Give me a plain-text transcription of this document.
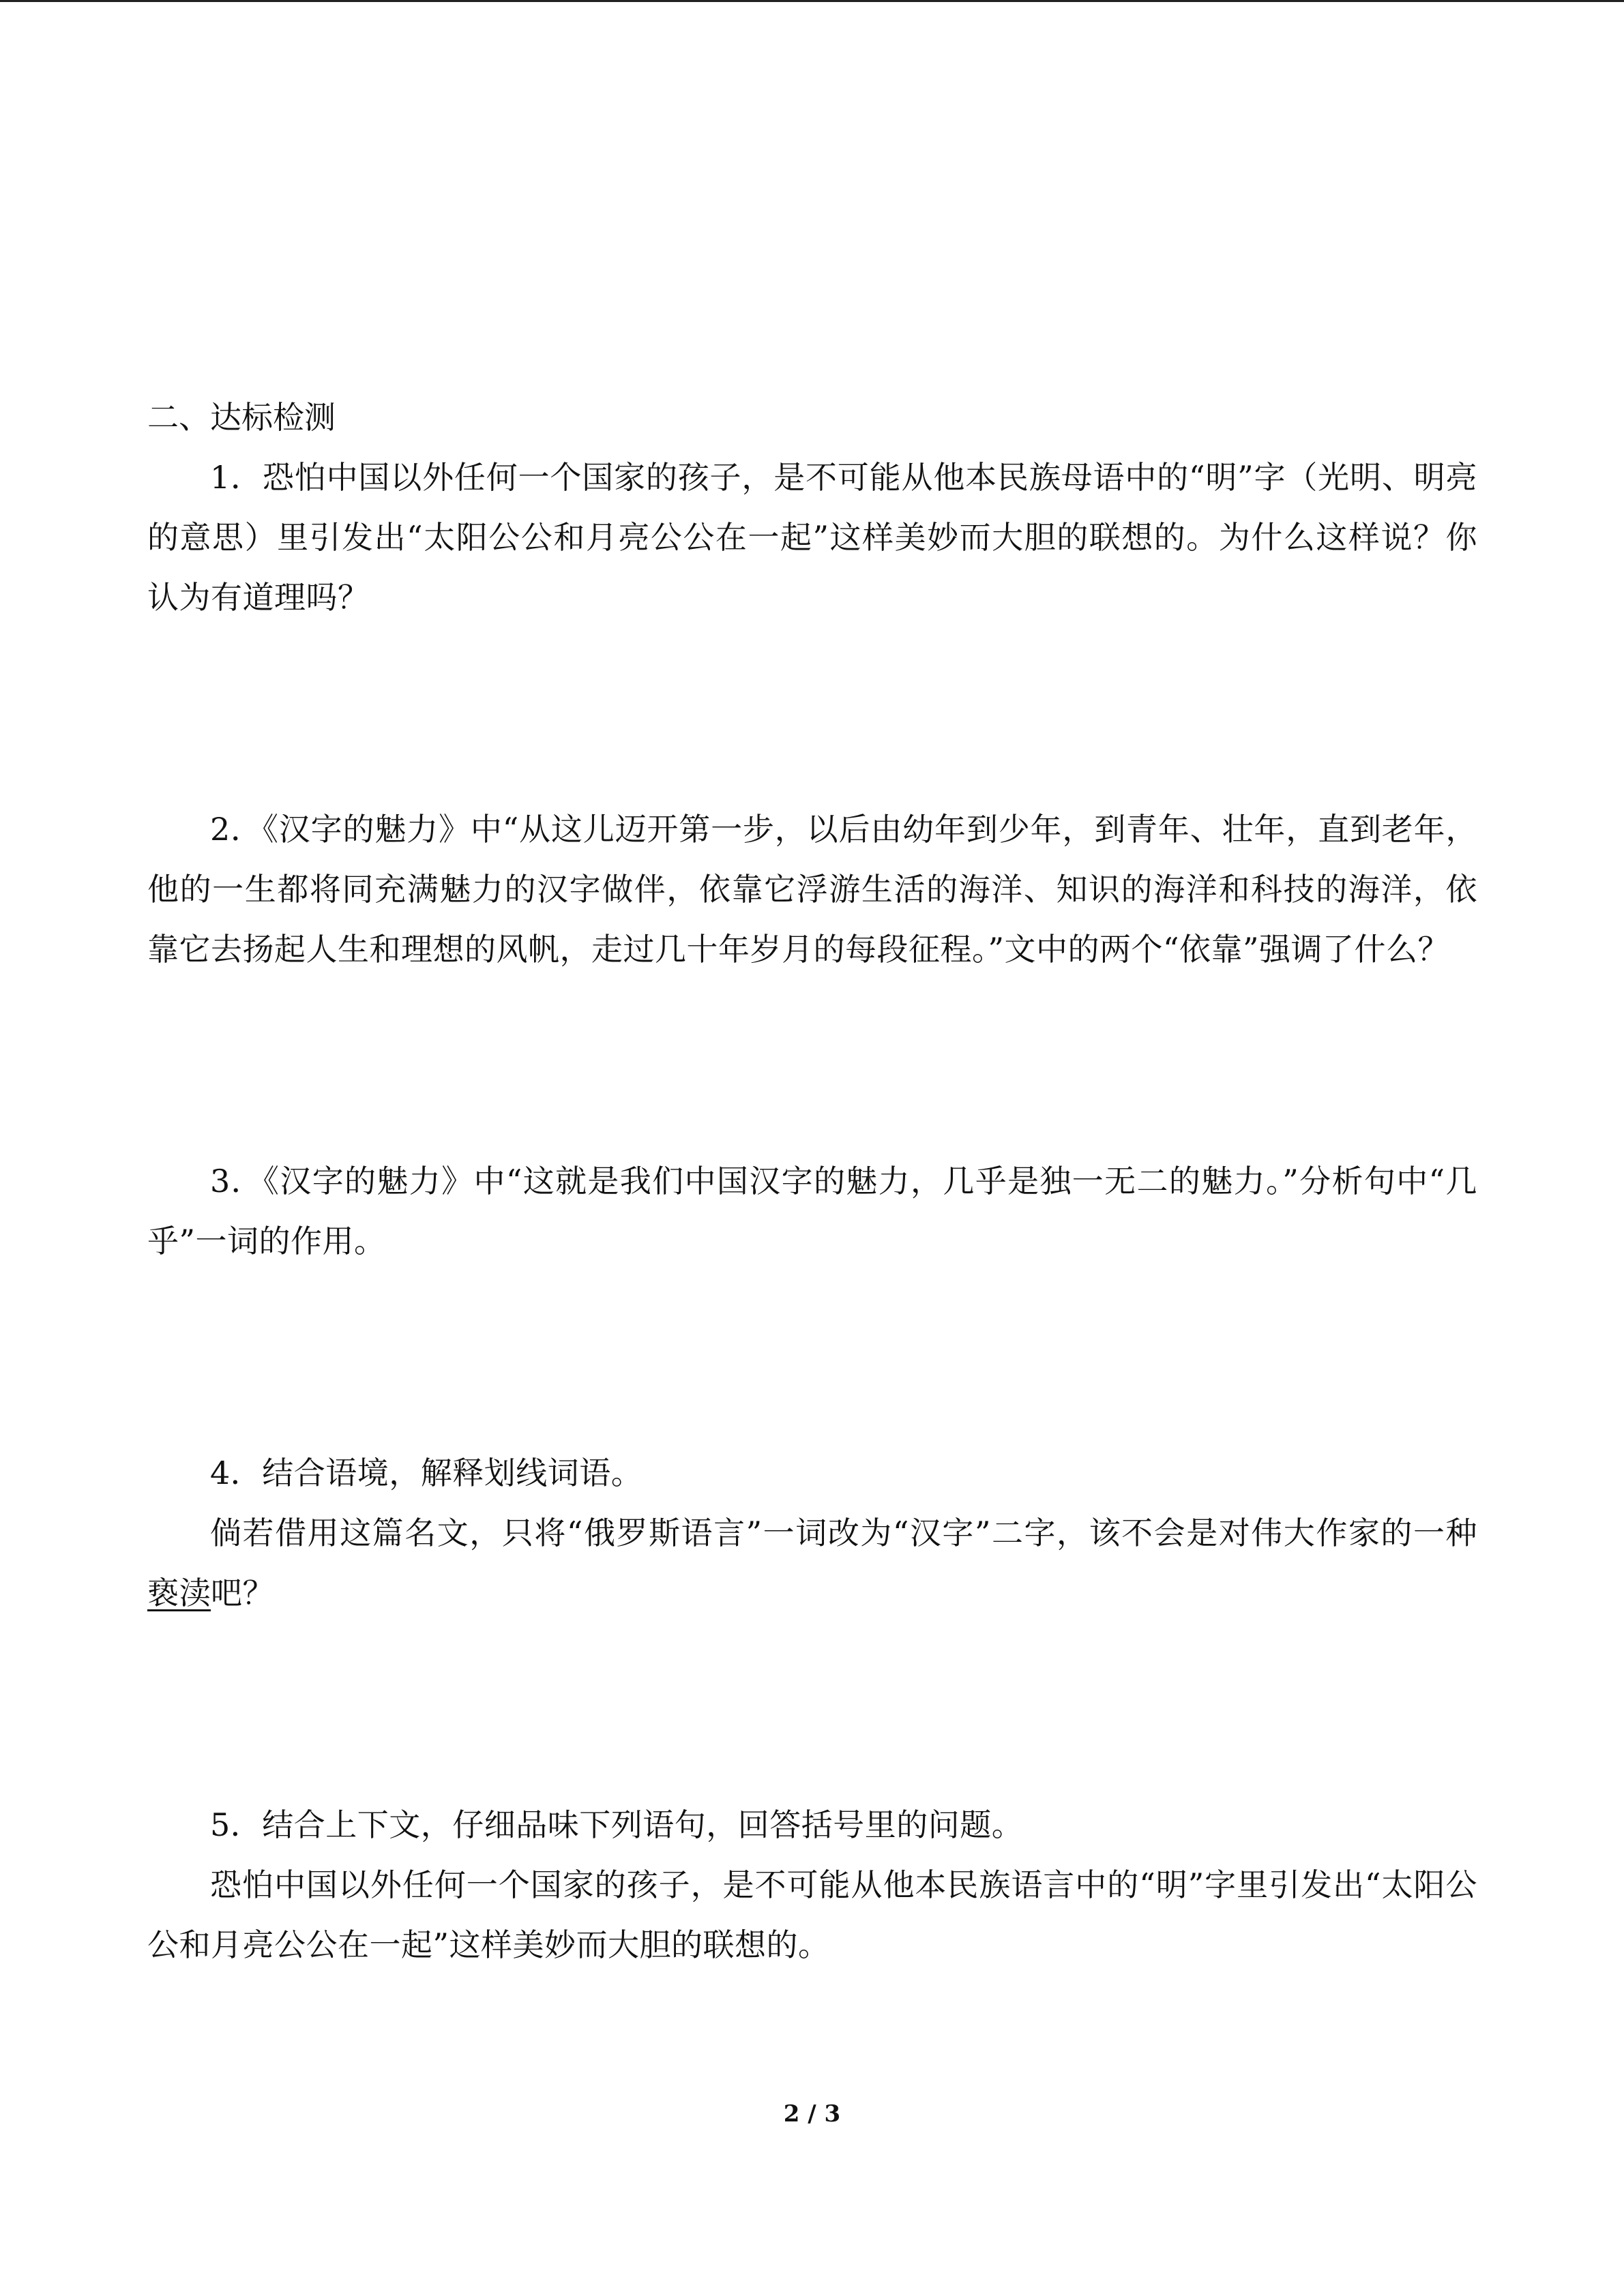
二、达标检测

1．恐怕中国以外任何一个国家的孩子，是不可能从他本民族母语中的“明”字（光明、明亮的意思）里引发出“太阳公公和月亮公公在一起”这样美妙而大胆的联想的。为什么这样说？你认为有道理吗？

2．《汉字的魅力》中“从这儿迈开第一步，以后由幼年到少年，到青年、壮年，直到老年，他的一生都将同充满魅力的汉字做伴，依靠它浮游生活的海洋、知识的海洋和科技的海洋，依靠它去扬起人生和理想的风帆，走过几十年岁月的每段征程。”文中的两个“依靠”强调了什么？

3．《汉字的魅力》中“这就是我们中国汉字的魅力，几乎是独一无二的魅力。”分析句中“几乎”一词的作用。

4．结合语境，解释划线词语。

倘若借用这篇名文，只将“俄罗斯语言”一词改为“汉字”二字，该不会是对伟大作家的一种亵渎吧？

5．结合上下文，仔细品味下列语句，回答括号里的问题。

恐怕中国以外任何一个国家的孩子，是不可能从他本民族语言中的“明”字里引发出“太阳公公和月亮公公在一起”这样美妙而大胆的联想的。

2 / 3
